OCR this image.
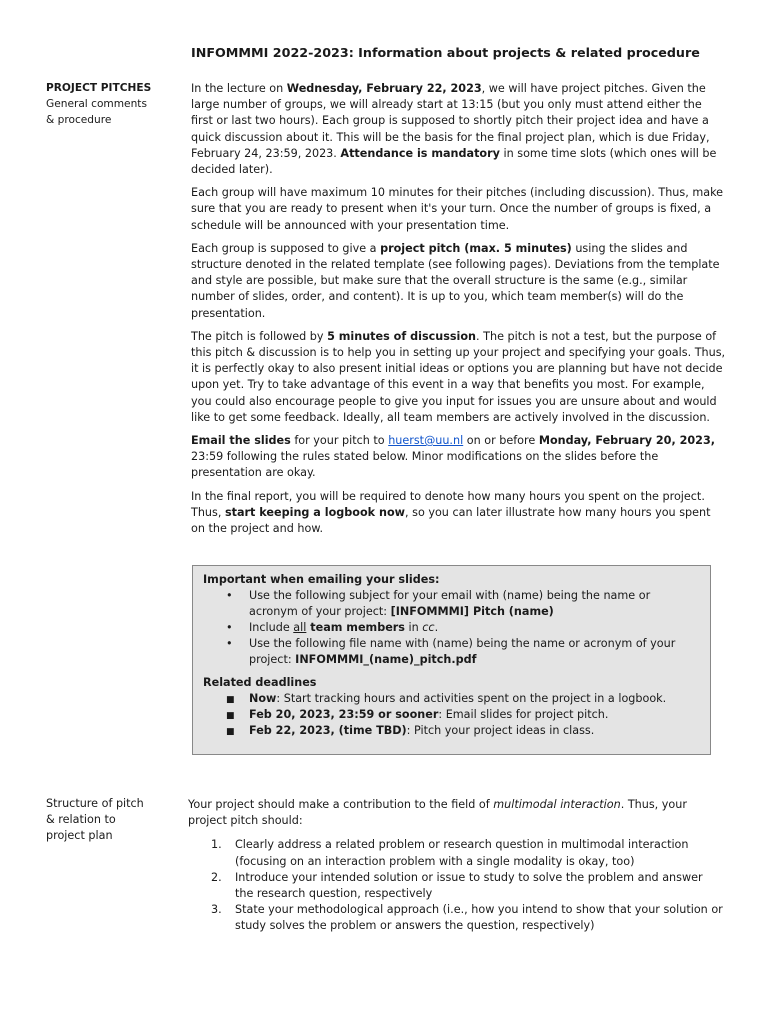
INFOMMMI 2022-2023: Information about projects & related procedure
PROJECT PITCHES
General comments
& procedure

In the lecture on Wednesday, February 22, 2023, we will have project pitches. Given the large number of groups, we will already start at 13:15 (but you only must attend either the first or last two hours). Each group is supposed to shortly pitch their project idea and have a quick discussion about it. This will be the basis for the final project plan, which is due Friday, February 24, 23:59, 2023. Attendance is mandatory in some time slots (which ones will be decided later).

Each group will have maximum 10 minutes for their pitches (including discussion). Thus, make sure that you are ready to present when it's your turn. Once the number of groups is fixed, a schedule will be announced with your presentation time.

Each group is supposed to give a project pitch (max. 5 minutes) using the slides and structure denoted in the related template (see following pages). Deviations from the template and style are possible, but make sure that the overall structure is the same (e.g., similar number of slides, order, and content). It is up to you, which team member(s) will do the presentation.

The pitch is followed by 5 minutes of discussion. The pitch is not a test, but the purpose of this pitch & discussion is to help you in setting up your project and specifying your goals. Thus, it is perfectly okay to also present initial ideas or options you are planning but have not decide upon yet. Try to take advantage of this event in a way that benefits you most. For example, you could also encourage people to give you input for issues you are unsure about and would like to get some feedback. Ideally, all team members are actively involved in the discussion.

Email the slides for your pitch to huerst@uu.nl on or before Monday, February 20, 2023, 23:59 following the rules stated below. Minor modifications on the slides before the presentation are okay.

In the final report, you will be required to denote how many hours you spent on the project. Thus, start keeping a logbook now, so you can later illustrate how many hours you spent on the project and how.

Important when emailing your slides:

• Use the following subject for your email with (name) being the name or acronym of your project: [INFOMMMI] Pitch (name)
• Include all team members in cc.
• Use the following file name with (name) being the name or acronym of your project: INFOMMMI_(name)_pitch.pdf

Related deadlines

■ Now: Start tracking hours and activities spent on the project in a logbook.
■ Feb 20, 2023, 23:59 or sooner: Email slides for project pitch.
■ Feb 22, 2023, (time TBD): Pitch your project ideas in class.
Structure of pitch
& relation to
project plan

Your project should make a contribution to the field of multimodal interaction. Thus, your project pitch should:

1. Clearly address a related problem or research question in multimodal interaction (focusing on an interaction problem with a single modality is okay, too)
2. Introduce your intended solution or issue to study to solve the problem and answer the research question, respectively
3. State your methodological approach (i.e., how you intend to show that your solution or study solves the problem or answers the question, respectively)
